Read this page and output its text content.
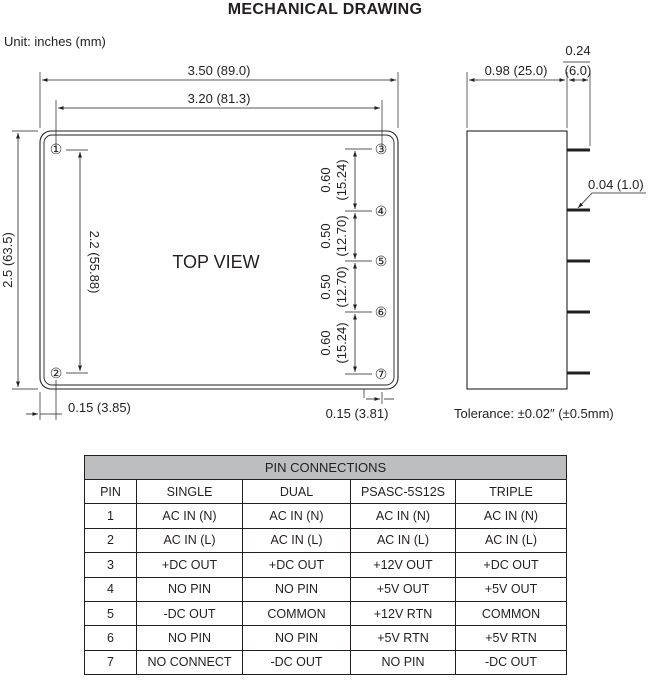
MECHANICAL DRAWING
Unit: inches (mm)
3.50 (89.0)
3.20 (81.3)
2.5 (63.5)	2.2 (55.88)	TOP VIEW
0.15 (3.85)	0.15 (3.81)
0.60 (15.24)
0.50 (12.70)
0.50 (12.70)
0.60 (15.24)
①
②
③
④
⑤
⑥
⑦
0.98 (25.0)
0.24
(6.0)
0.04 (1.0)
Tolerance: ±0.02″ (±0.5mm)
PIN CONNECTIONS				
PIN	SINGLE	DUAL	PSASC-5S12S	TRIPLE
1	AC IN (N)	AC IN (N)	AC IN (N)	AC IN (N)
2	AC IN (L)	AC IN (L)	AC IN (L)	AC IN (L)
3	+DC OUT	+DC OUT	+12V OUT	+DC OUT
4	NO PIN	NO PIN	+5V OUT	+5V OUT
5	-DC OUT	COMMON	+12V RTN	COMMON
6	NO PIN	NO PIN	+5V RTN	+5V RTN
7	NO CONNECT	-DC OUT	NO PIN	-DC OUT
